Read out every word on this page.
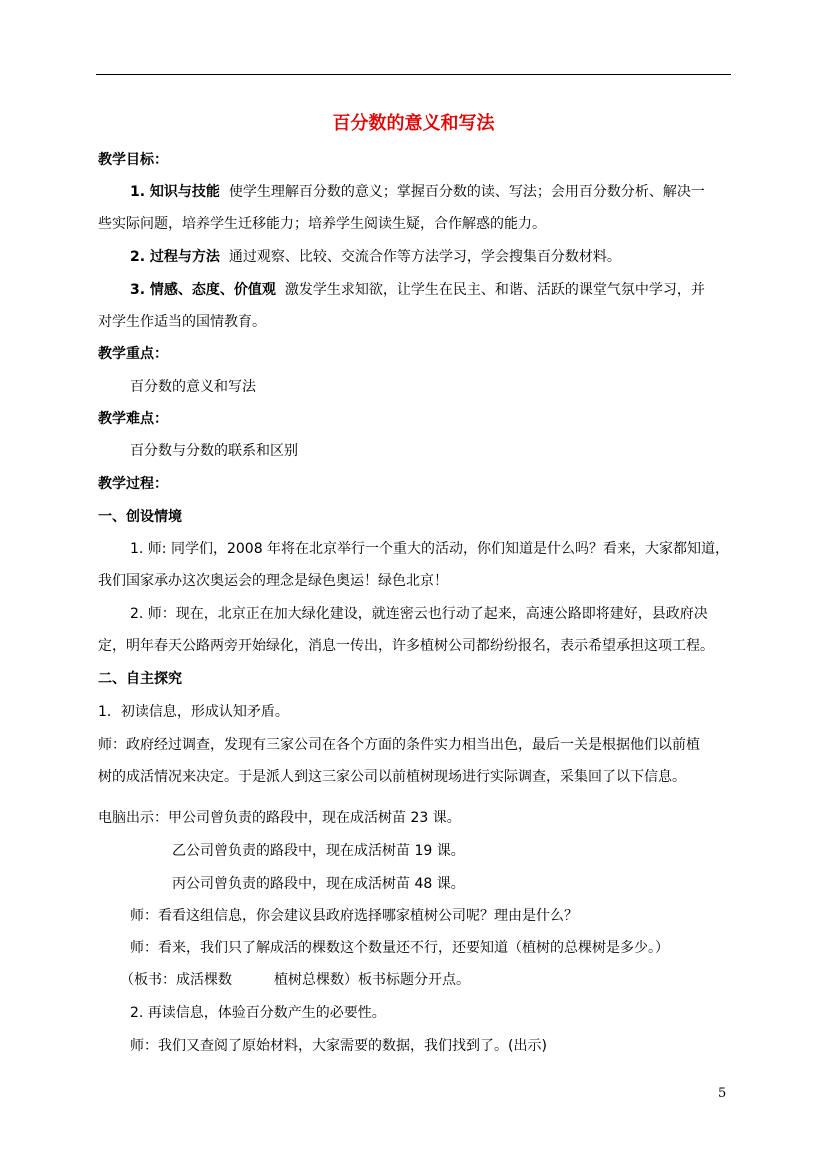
百分数的意义和写法
教学目标：
1. 知识与技能 使学生理解百分数的意义；掌握百分数的读、写法；会用百分数分析、解决一
些实际问题，培养学生迁移能力；培养学生阅读生疑，合作解惑的能力。
2. 过程与方法 通过观察、比较、交流合作等方法学习，学会搜集百分数材料。
3. 情感、态度、价值观 激发学生求知欲，让学生在民主、和谐、活跃的课堂气氛中学习，并
对学生作适当的国情教育。
教学重点：
百分数的意义和写法
教学难点：
百分数与分数的联系和区别
教学过程：
一、创设情境
1. 师: 同学们，2008 年将在北京举行一个重大的活动，你们知道是什么吗？看来，大家都知道，
我们国家承办这次奥运会的理念是绿色奥运！绿色北京！
2. 师：现在，北京正在加大绿化建设，就连密云也行动了起来，高速公路即将建好，县政府决
定，明年春天公路两旁开始绿化，消息一传出，许多植树公司都纷纷报名，表示希望承担这项工程。
二、自主探究
1．初读信息，形成认知矛盾。
师：政府经过调查，发现有三家公司在各个方面的条件实力相当出色，最后一关是根据他们以前植
树的成活情况来决定。于是派人到这三家公司以前植树现场进行实际调查，采集回了以下信息。
电脑出示：甲公司曾负责的路段中，现在成活树苗 23 课。
乙公司曾负责的路段中，现在成活树苗 19 课。
丙公司曾负责的路段中，现在成活树苗 48 课。
师：看看这组信息，你会建议县政府选择哪家植树公司呢？理由是什么？
师：看来，我们只了解成活的棵数这个数量还不行，还要知道（植树的总棵树是多少。）
（板书：成活棵数　　　植树总棵数）板书标题分开点。
2. 再读信息，体验百分数产生的必要性。
师：我们又查阅了原始材料，大家需要的数据，我们找到了。(出示)
5
